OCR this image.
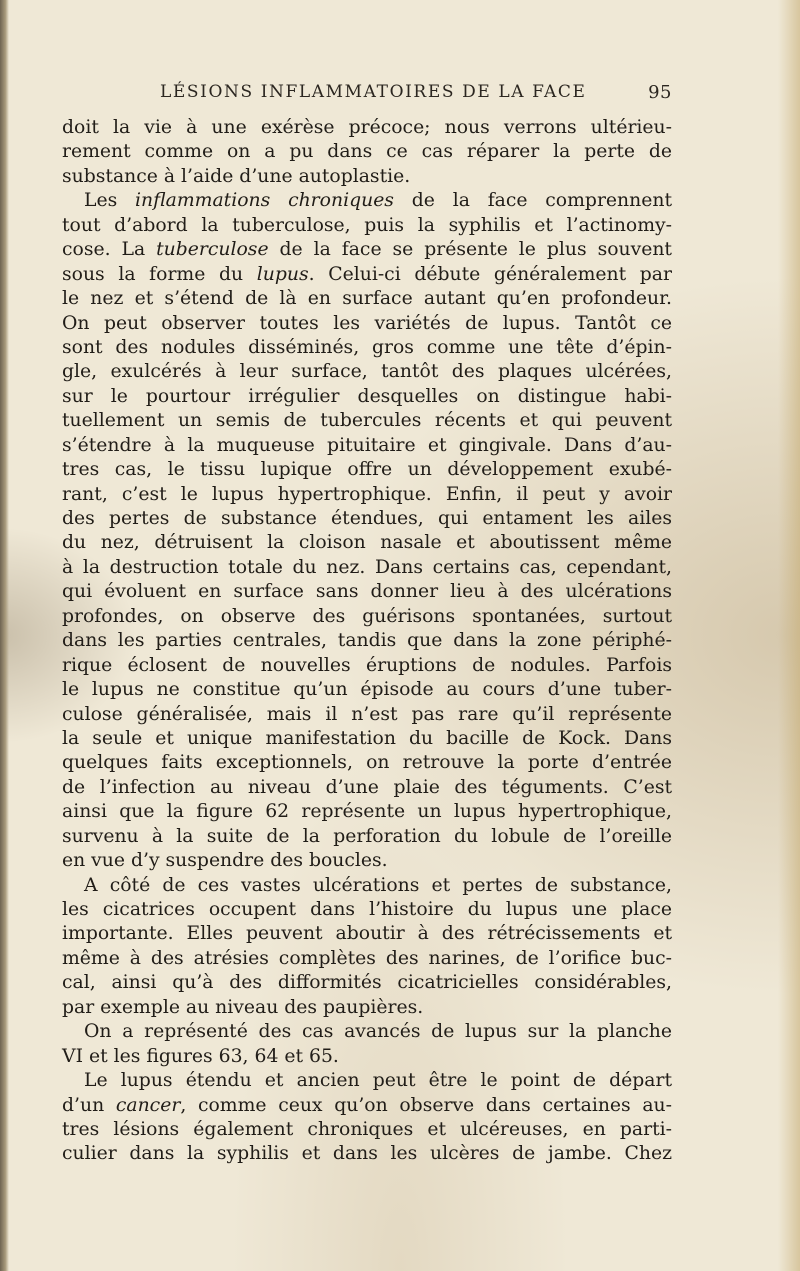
LÉSIONS INFLAMMATOIRES DE LA FACE	95
doit la vie à une exérèse précoce; nous verrons ultérieu-
rement comme on a pu dans ce cas réparer la perte de
substance à l’aide d’une autoplastie.
Les inflammations chroniques de la face comprennent
tout d’abord la tuberculose, puis la syphilis et l’actinomy-
cose. La tuberculose de la face se présente le plus souvent
sous la forme du lupus. Celui-ci débute généralement par
le nez et s’étend de là en surface autant qu’en profondeur.
On peut observer toutes les variétés de lupus. Tantôt ce
sont des nodules disséminés, gros comme une tête d’épin-
gle, exulcérés à leur surface, tantôt des plaques ulcérées,
sur le pourtour irrégulier desquelles on distingue habi-
tuellement un semis de tubercules récents et qui peuvent
s’étendre à la muqueuse pituitaire et gingivale. Dans d’au-
tres cas, le tissu lupique offre un développement exubé-
rant, c’est le lupus hypertrophique. Enfin, il peut y avoir
des pertes de substance étendues, qui entament les ailes
du nez, détruisent la cloison nasale et aboutissent même
à la destruction totale du nez. Dans certains cas, cependant,
qui évoluent en surface sans donner lieu à des ulcérations
profondes, on observe des guérisons spontanées, surtout
dans les parties centrales, tandis que dans la zone périphé-
rique éclosent de nouvelles éruptions de nodules. Parfois
le lupus ne constitue qu’un épisode au cours d’une tuber-
culose généralisée, mais il n’est pas rare qu’il représente
la seule et unique manifestation du bacille de Kock. Dans
quelques faits exceptionnels, on retrouve la porte d’entrée
de l’infection au niveau d’une plaie des téguments. C’est
ainsi que la figure 62 représente un lupus hypertrophique,
survenu à la suite de la perforation du lobule de l’oreille
en vue d’y suspendre des boucles.
A côté de ces vastes ulcérations et pertes de substance,
les cicatrices occupent dans l’histoire du lupus une place
importante. Elles peuvent aboutir à des rétrécissements et
même à des atrésies complètes des narines, de l’orifice buc-
cal, ainsi qu’à des difformités cicatricielles considérables,
par exemple au niveau des paupières.
On a représenté des cas avancés de lupus sur la planche
VI et les figures 63, 64 et 65.
Le lupus étendu et ancien peut être le point de départ
d’un cancer, comme ceux qu’on observe dans certaines au-
tres lésions également chroniques et ulcéreuses, en parti-
culier dans la syphilis et dans les ulcères de jambe. Chez
